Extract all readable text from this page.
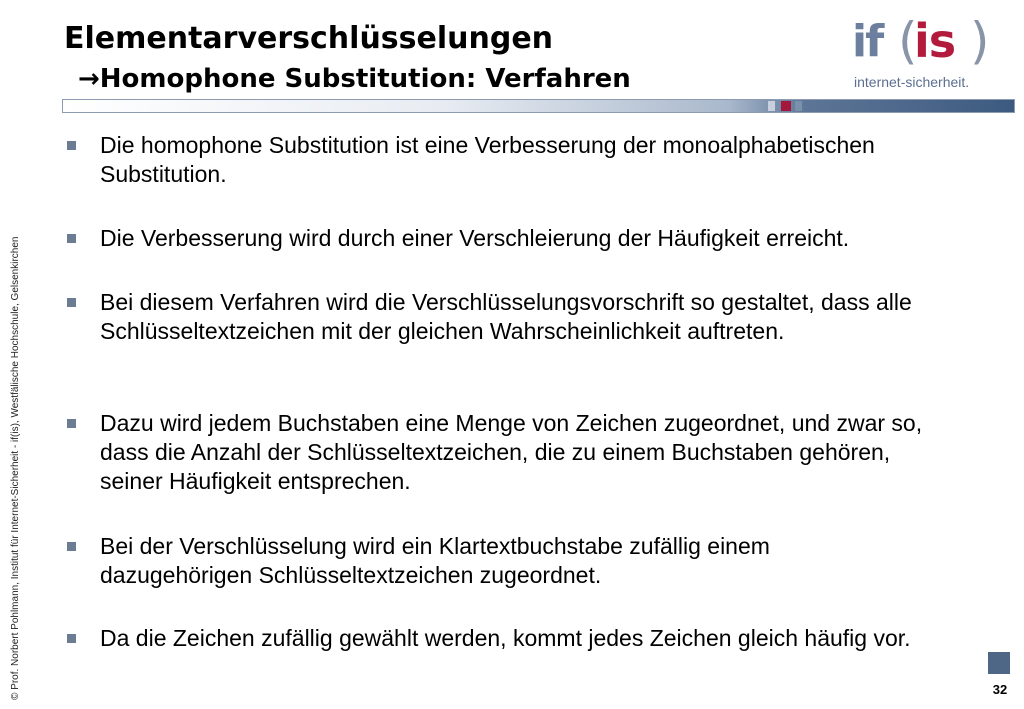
Elementarverschlüsselungen
→Homophone Substitution: Verfahren
if (
is )
internet-sicherheit.
© Prof. Norbert Pohlmann, Institut für Internet-Sicherheit - if(is), Westfälische Hochschule, Gelsenkirchen
Die homophone Substitution ist eine Verbesserung der monoalphabetischen Substitution.
Die Verbesserung wird durch einer Verschleierung der Häufigkeit erreicht.
Bei diesem Verfahren wird die Verschlüsselungsvorschrift so gestaltet, dass alle Schlüsseltextzeichen mit der gleichen Wahrscheinlichkeit auftreten.
Dazu wird jedem Buchstaben eine Menge von Zeichen zugeordnet, und zwar so, dass die Anzahl der Schlüsseltextzeichen, die zu einem Buchstaben gehören, seiner Häufigkeit entsprechen.
Bei der Verschlüsselung wird ein Klartextbuchstabe zufällig einem dazugehörigen Schlüsseltextzeichen zugeordnet.
Da die Zeichen zufällig gewählt werden, kommt jedes Zeichen gleich häufig vor.
32
